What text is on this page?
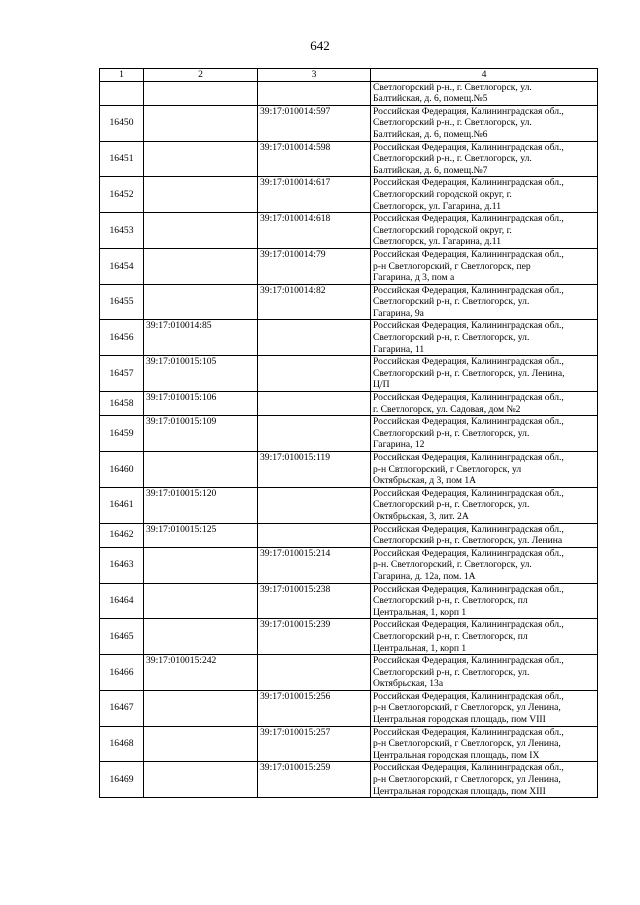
642
1	2	3	4

			Светлогорский р-н., г. Светлогорск, ул.
Балтийская, д. 6, помещ.№5

16450		39:17:010014:597	Российская Федерация, Калининградская обл.,
Светлогорский р-н., г. Светлогорск, ул.
Балтийская, д. 6, помещ.№6

16451		39:17:010014:598	Российская Федерация, Калининградская обл.,
Светлогорский р-н., г. Светлогорск, ул.
Балтийская, д. 6, помещ.№7

16452		39:17:010014:617	Российская Федерация, Калининградская обл.,
Светлогорский городской округ, г.
Светлогорск, ул. Гагарина, д.11

16453		39:17:010014:618	Российская Федерация, Калининградская обл.,
Светлогорский городской округ, г.
Светлогорск, ул. Гагарина, д.11

16454		39:17:010014:79	Российская Федерация, Калининградская обл.,
р-н Светлогорский, г Светлогорск, пер
Гагарина, д 3, пом а

16455		39:17:010014:82	Российская Федерация, Калининградская обл.,
Светлогорский р-н, г. Светлогорск, ул.
Гагарина, 9а

16456	39:17:010014:85		Российская Федерация, Калининградская обл.,
Светлогорский р-н, г. Светлогорск, ул.
Гагарина, 11

16457	39:17:010015:105		Российская Федерация, Калининградская обл.,
Светлогорский р-н, г. Светлогорск, ул. Ленина,
Ц/П

16458	39:17:010015:106		Российская Федерация, Калининградская обл.,
г. Светлогорск, ул. Садовая, дом №2

16459	39:17:010015:109		Российская Федерация, Калининградская обл.,
Светлогорский р-н, г. Светлогорск, ул.
Гагарина, 12

16460		39:17:010015:119	Российская Федерация, Калининградская обл.,
р-н Свтлогорский, г Светлогорск, ул
Октябрьская, д 3, пом 1А

16461	39:17:010015:120		Российская Федерация, Калининградская обл.,
Светлогорский р-н, г. Светлогорск, ул.
Октябрьская, 3, лит. 2А

16462	39:17:010015:125		Российская Федерация, Калининградская обл.,
Светлогорский р-н, г. Светлогорск, ул. Ленина

16463		39:17:010015:214	Российская Федерация, Калининградская обл.,
р-н. Светлогорский, г. Светлогорск, ул.
Гагарина, д. 12а, пом. 1А

16464		39:17:010015:238	Российская Федерация, Калининградская обл.,
Светлогорский р-н, г. Светлогорск, пл
Центральная, 1, корп 1

16465		39:17:010015:239	Российская Федерация, Калининградская обл.,
Светлогорский р-н, г. Светлогорск, пл
Центральная, 1, корп 1

16466	39:17:010015:242		Российская Федерация, Калининградская обл.,
Светлогорский р-н, г. Светлогорск, ул.
Октябрьская, 13а

16467		39:17:010015:256	Российская Федерация, Калининградская обл.,
р-н Светлогорский, г Светлогорск, ул Ленина,
Центральная городская площадь, пом VIII

16468		39:17:010015:257	Российская Федерация, Калининградская обл.,
р-н Светлогорский, г Светлогорск, ул Ленина,
Центральная городская площадь, пом IX

16469		39:17:010015:259	Российская Федерация, Калининградская обл.,
р-н Светлогорский, г Светлогорск, ул Ленина,
Центральная городская площадь, пом XIII
